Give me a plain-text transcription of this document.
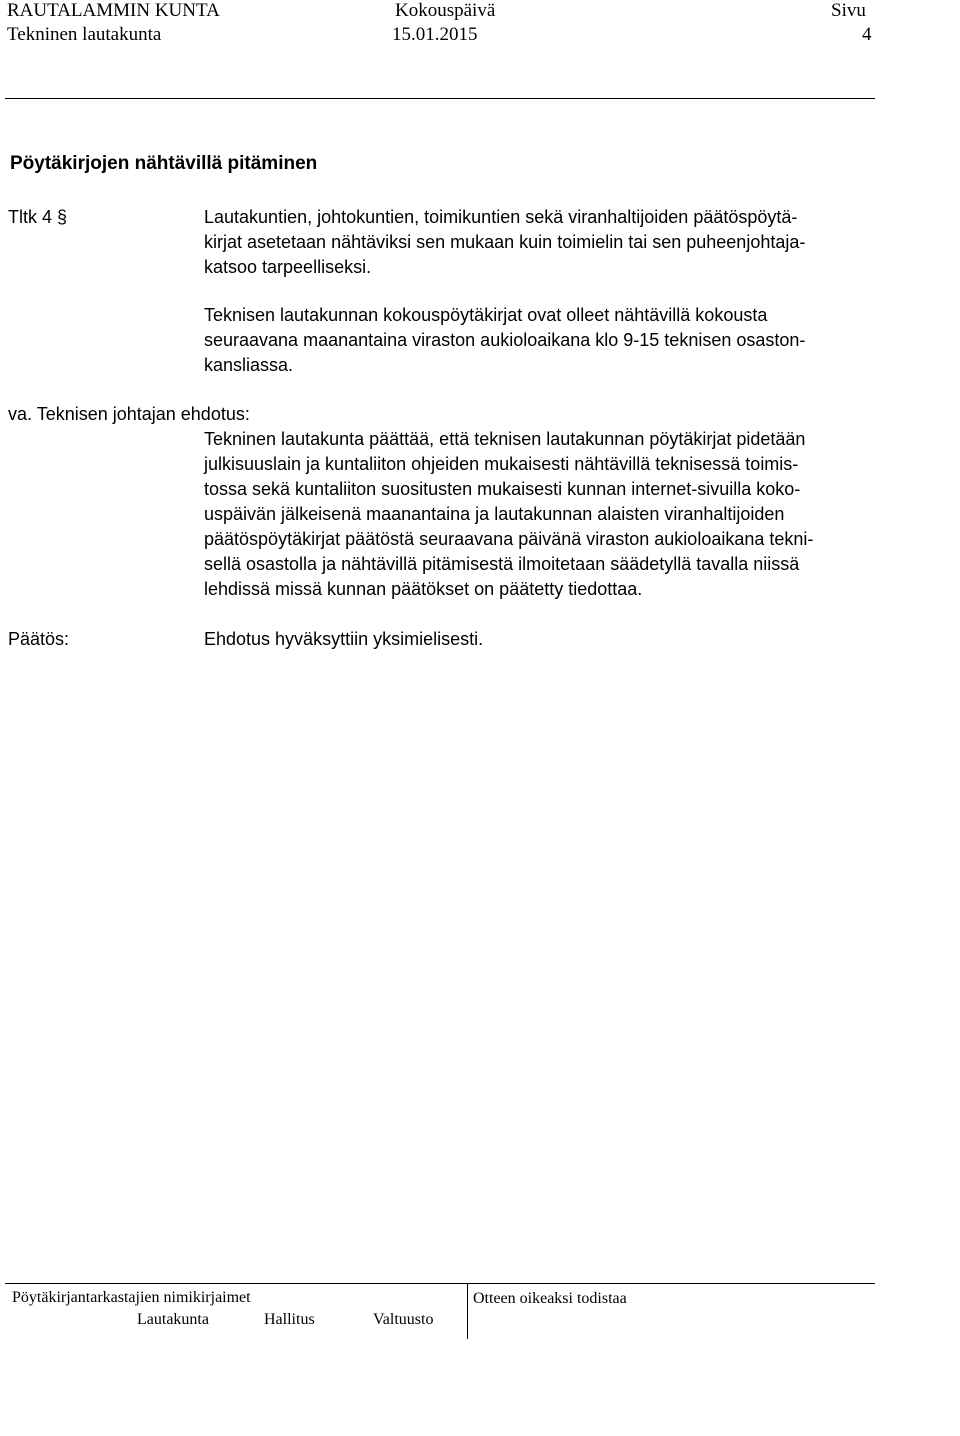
RAUTALAMMIN KUNTA	Kokouspäivä	Sivu
Tekninen lautakunta	15.01.2015	4
Pöytäkirjojen nähtävillä pitäminen
Tltk 4 §	Lautakuntien, johtokuntien, toimikuntien sekä viranhaltijoiden päätöspöytä-
kirjat asetetaan nähtäviksi sen mukaan kuin toimielin tai sen puheenjohtaja-
katsoo tarpeelliseksi.
Teknisen lautakunnan kokouspöytäkirjat ovat olleet nähtävillä kokousta
seuraavana maanantaina viraston aukioloaikana klo 9-15 teknisen osaston-
kansliassa.
va. Teknisen johtajan ehdotus:
Tekninen lautakunta päättää, että teknisen lautakunnan pöytäkirjat pidetään
julkisuuslain ja kuntaliiton ohjeiden mukaisesti nähtävillä teknisessä toimis-
tossa sekä kuntaliiton suositusten mukaisesti kunnan internet-sivuilla koko-
uspäivän jälkeisenä maanantaina ja lautakunnan alaisten viranhaltijoiden
päätöspöytäkirjat päätöstä seuraavana päivänä viraston aukioloaikana tekni-
sellä osastolla ja nähtävillä pitämisestä ilmoitetaan säädetyllä tavalla niissä
lehdissä missä kunnan päätökset on päätetty tiedottaa.
Päätös:	Ehdotus hyväksyttiin yksimielisesti.
Pöytäkirjantarkastajien nimikirjaimet	Otteen oikeaksi todistaa
Lautakunta	Hallitus	Valtuusto
